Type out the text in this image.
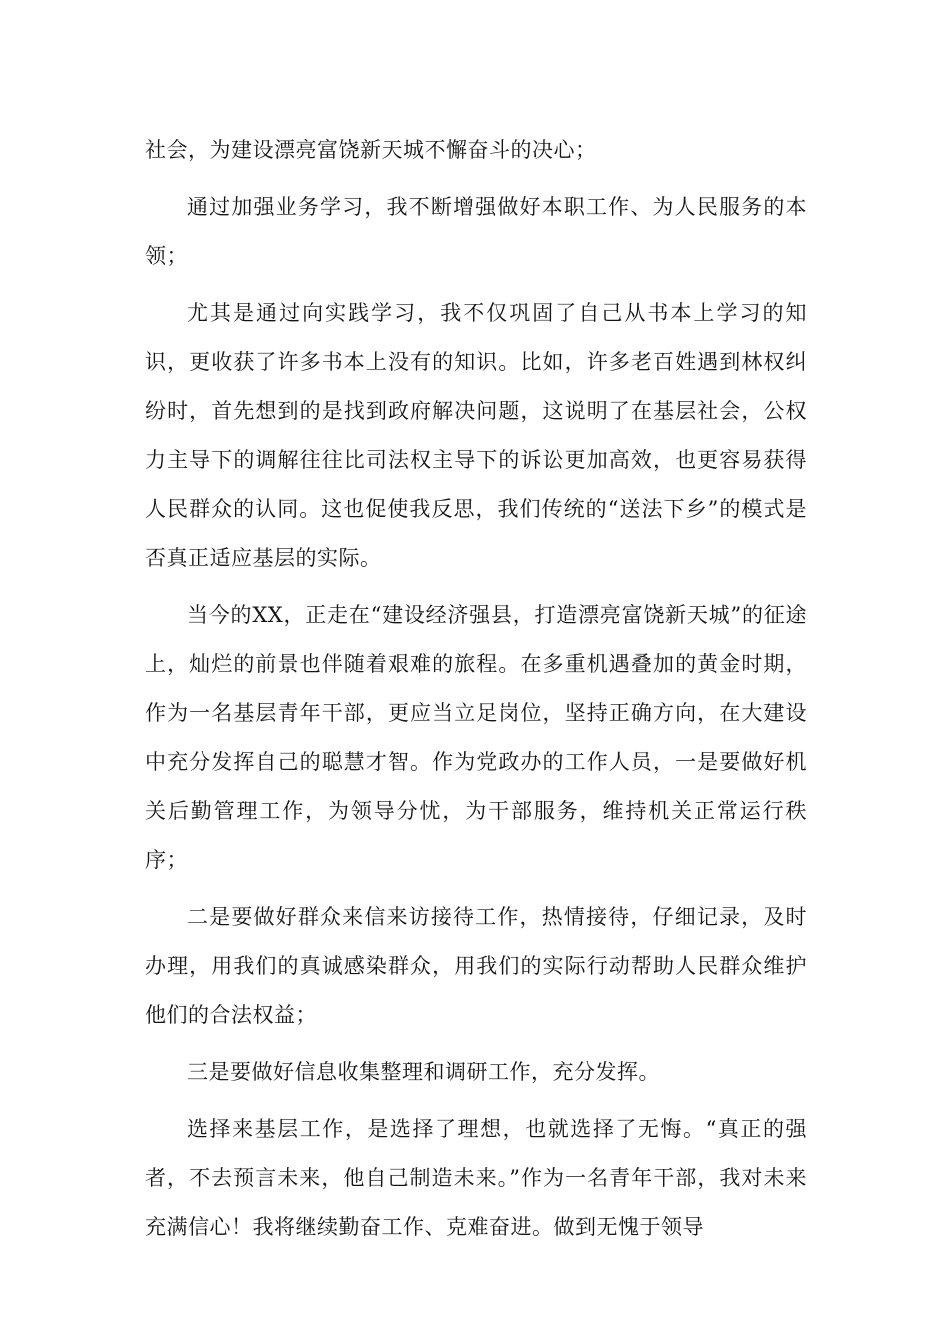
社会，为建设漂亮富饶新天城不懈奋斗的决心；

通过加强业务学习，我不断增强做好本职工作、为人民服务的本领；

尤其是通过向实践学习，我不仅巩固了自己从书本上学习的知识，更收获了许多书本上没有的知识。比如，许多老百姓遇到林权纠纷时，首先想到的是找到政府解决问题，这说明了在基层社会，公权力主导下的调解往往比司法权主导下的诉讼更加高效，也更容易获得人民群众的认同。这也促使我反思，我们传统的“送法下乡”的模式是否真正适应基层的实际。

当今的XX，正走在“建设经济强县，打造漂亮富饶新天城”的征途上，灿烂的前景也伴随着艰难的旅程。在多重机遇叠加的黄金时期，作为一名基层青年干部，更应当立足岗位，坚持正确方向，在大建设中充分发挥自己的聪慧才智。作为党政办的工作人员，一是要做好机关后勤管理工作，为领导分忧，为干部服务，维持机关正常运行秩序；

二是要做好群众来信来访接待工作，热情接待，仔细记录，及时办理，用我们的真诚感染群众，用我们的实际行动帮助人民群众维护他们的合法权益；

三是要做好信息收集整理和调研工作，充分发挥。

选择来基层工作，是选择了理想，也就选择了无悔。“真正的强者，不去预言未来，他自己制造未来。”作为一名青年干部，我对未来充满信心！我将继续勤奋工作、克难奋进。做到无愧于领导
